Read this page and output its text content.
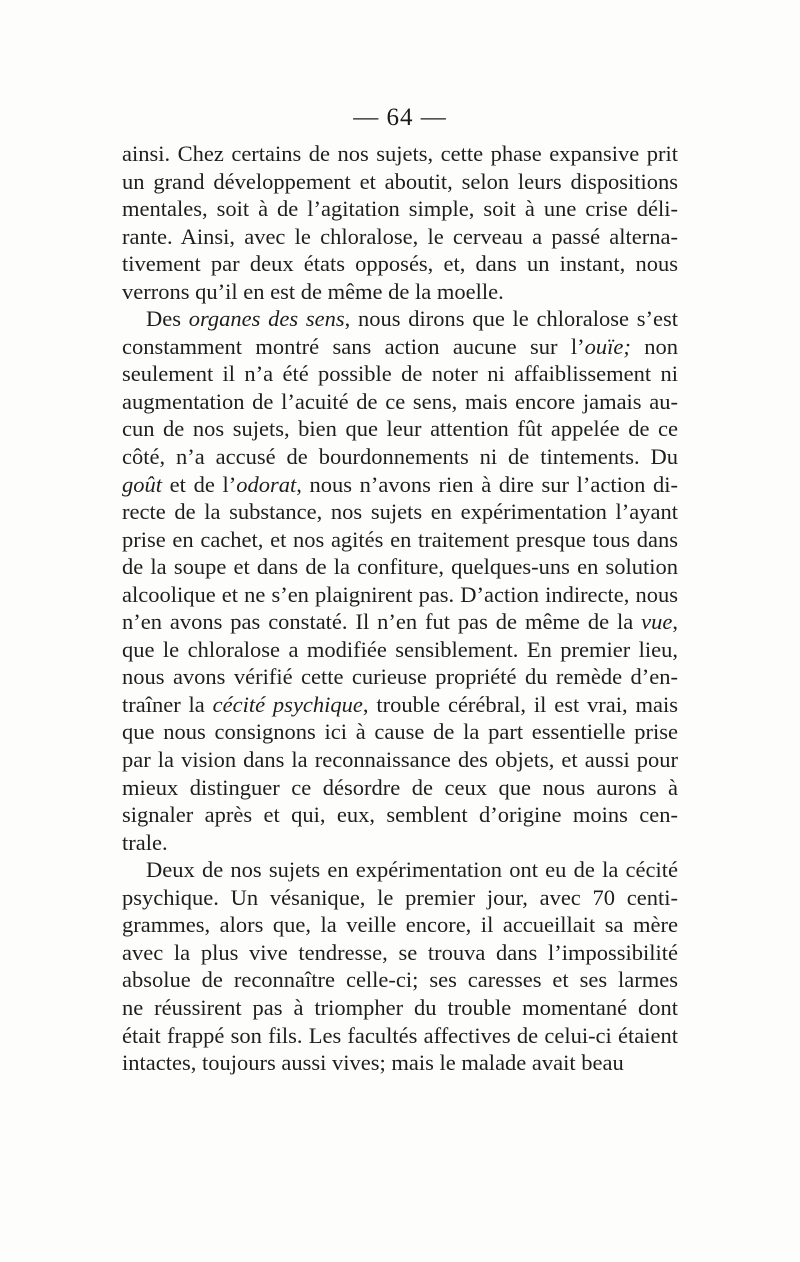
— 64 —
ainsi. Chez certains de nos sujets, cette phase expansive prit
un grand développement et aboutit, selon leurs dispositions
mentales, soit à de l’agitation simple, soit à une crise déli-
rante. Ainsi, avec le chloralose, le cerveau a passé alterna-
tivement par deux états opposés, et, dans un instant, nous
verrons qu’il en est de même de la moelle.
Des organes des sens, nous dirons que le chloralose s’est
constamment montré sans action aucune sur l’ouïe; non
seulement il n’a été possible de noter ni affaiblissement ni
augmentation de l’acuité de ce sens, mais encore jamais au-
cun de nos sujets, bien que leur attention fût appelée de ce
côté, n’a accusé de bourdonnements ni de tintements. Du
goût et de l’odorat, nous n’avons rien à dire sur l’action di-
recte de la substance, nos sujets en expérimentation l’ayant
prise en cachet, et nos agités en traitement presque tous dans
de la soupe et dans de la confiture, quelques-uns en solution
alcoolique et ne s’en plaignirent pas. D’action indirecte, nous
n’en avons pas constaté. Il n’en fut pas de même de la vue,
que le chloralose a modifiée sensiblement. En premier lieu,
nous avons vérifié cette curieuse propriété du remède d’en-
traîner la cécité psychique, trouble cérébral, il est vrai, mais
que nous consignons ici à cause de la part essentielle prise
par la vision dans la reconnaissance des objets, et aussi pour
mieux distinguer ce désordre de ceux que nous aurons à
signaler après et qui, eux, semblent d’origine moins cen-
trale.
Deux de nos sujets en expérimentation ont eu de la cécité
psychique. Un vésanique, le premier jour, avec 70 centi-
grammes, alors que, la veille encore, il accueillait sa mère
avec la plus vive tendresse, se trouva dans l’impossibilité
absolue de reconnaître celle-ci; ses caresses et ses larmes
ne réussirent pas à triompher du trouble momentané dont
était frappé son fils. Les facultés affectives de celui-ci étaient
intactes, toujours aussi vives; mais le malade avait beau
